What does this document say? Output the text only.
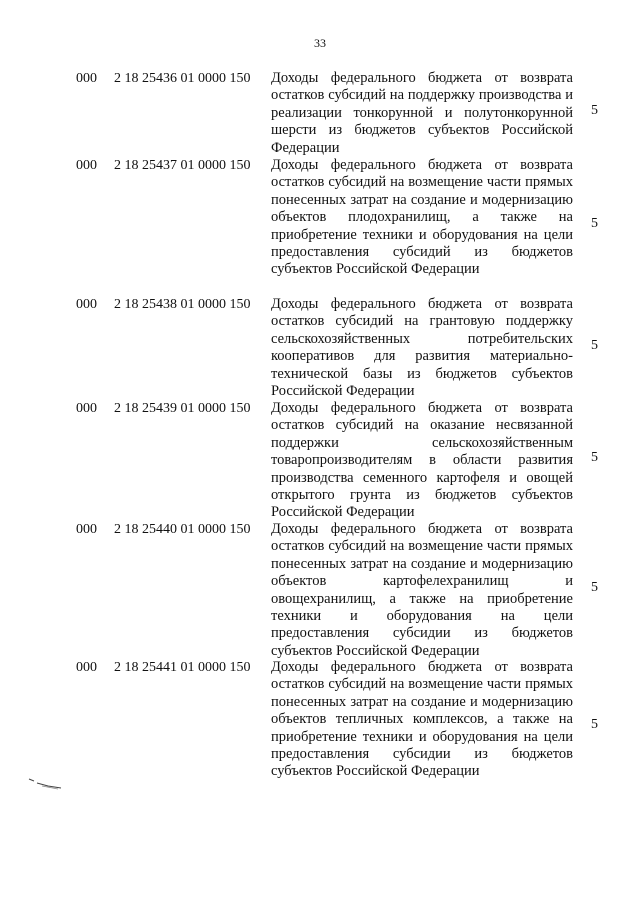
33
000 2 18 25436 01 0000 150 Доходы федерального бюджета от возврата остатков субсидий на поддержку производства и реализации тонкорунной и полутонкорунной шерсти из бюджетов субъектов Российской Федерации
5
000 2 18 25437 01 0000 150 Доходы федерального бюджета от возврата остатков субсидий на возмещение части прямых понесенных затрат на создание и модернизацию объектов плодохранилищ, а также на приобретение техники и оборудования на цели предоставления субсидий из бюджетов субъектов Российской Федерации
5
000 2 18 25438 01 0000 150 Доходы федерального бюджета от возврата остатков субсидий на грантовую поддержку сельскохозяйственных потребительских кооперативов для развития материально-технической базы из бюджетов субъектов Российской Федерации
5
000 2 18 25439 01 0000 150 Доходы федерального бюджета от возврата остатков субсидий на оказание несвязанной поддержки сельскохозяйственным товаропроизводителям в области развития производства семенного картофеля и овощей открытого грунта из бюджетов субъектов Российской Федерации
5
000 2 18 25440 01 0000 150 Доходы федерального бюджета от возврата остатков субсидий на возмещение части прямых понесенных затрат на создание и модернизацию объектов картофелехранилищ и овощехранилищ, а также на приобретение техники и оборудования на цели предоставления субсидии из бюджетов субъектов Российской Федерации
5
000 2 18 25441 01 0000 150 Доходы федерального бюджета от возврата остатков субсидий на возмещение части прямых понесенных затрат на создание и модернизацию объектов тепличных комплексов, а также на приобретение техники и оборудования на цели предоставления субсидии из бюджетов субъектов Российской Федерации
5
